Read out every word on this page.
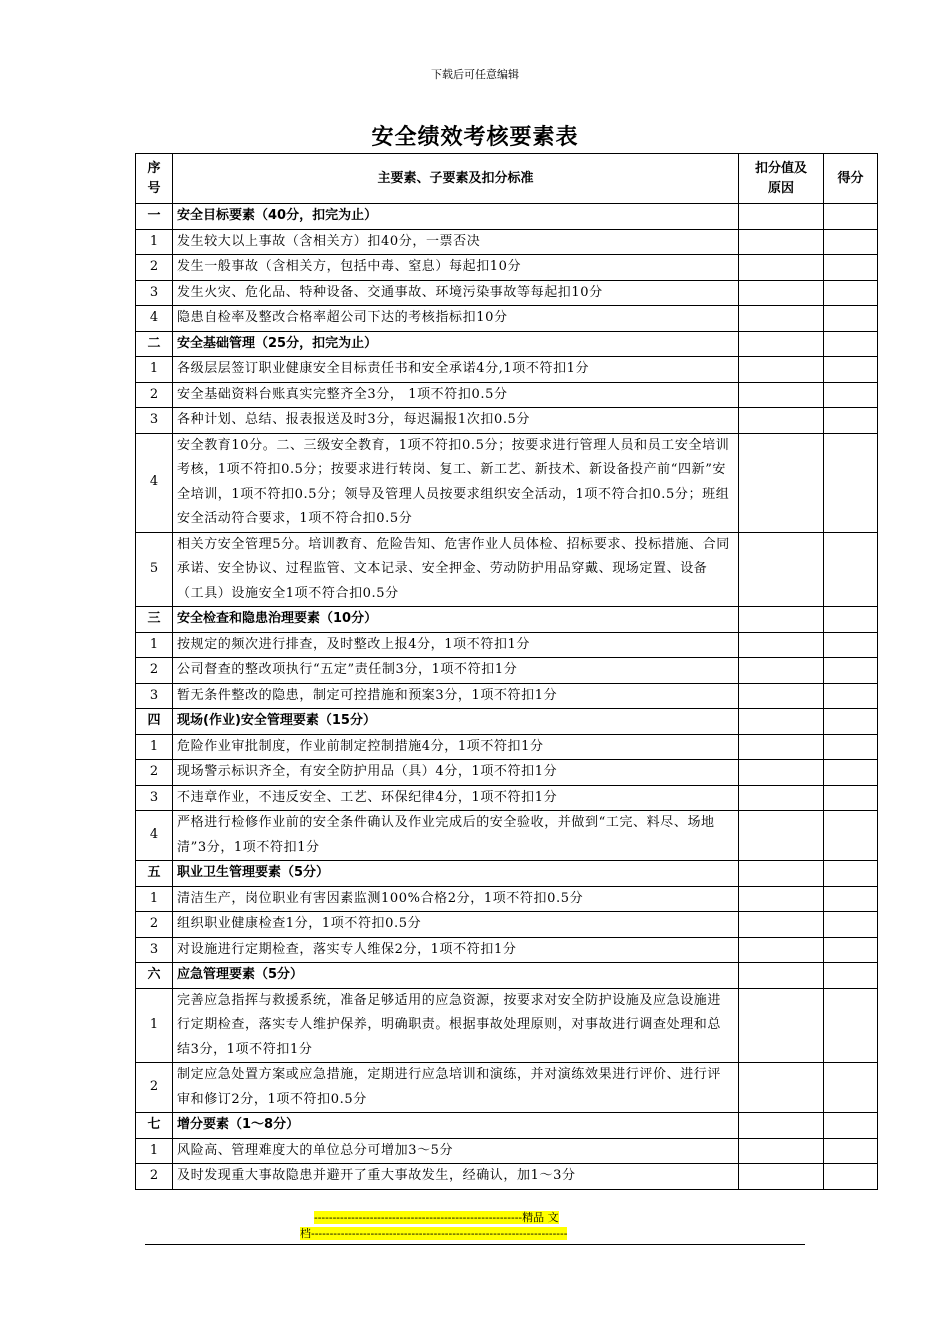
下载后可任意编辑
安全绩效考核要素表
序号	主要素、子要素及扣分标准	扣分值及原因	得分
一	安全目标要素（40分，扣完为止）		
1	发生较大以上事故（含相关方）扣40分，一票否决		
2	发生一般事故（含相关方，包括中毒、窒息）每起扣10分		
3	发生火灾、危化品、特种设备、交通事故、环境污染事故等每起扣10分		
4	隐患自检率及整改合格率超公司下达的考核指标扣10分		
二	安全基础管理（25分，扣完为止）		
1	各级层层签订职业健康安全目标责任书和安全承诺4分,1项不符扣1分		
2	安全基础资料台账真实完整齐全3分， 1项不符扣0.5分		
3	各种计划、总结、报表报送及时3分，每迟漏报1次扣0.5分		
4	安全教育10分。二、三级安全教育，1项不符扣0.5分；按要求进行管理人员和员工安全培训考核，1项不符扣0.5分；按要求进行转岗、复工、新工艺、新技术、新设备投产前“四新”安全培训，1项不符扣0.5分；领导及管理人员按要求组织安全活动，1项不符合扣0.5分；班组安全活动符合要求，1项不符合扣0.5分		
5	相关方安全管理5分。培训教育、危险告知、危害作业人员体检、招标要求、投标措施、合同承诺、安全协议、过程监管、文本记录、安全押金、劳动防护用品穿戴、现场定置、设备（工具）设施安全1项不符合扣0.5分		
三	安全检查和隐患治理要素（10分）		
1	按规定的频次进行排查，及时整改上报4分，1项不符扣1分		
2	公司督查的整改项执行“五定”责任制3分，1项不符扣1分		
3	暂无条件整改的隐患，制定可控措施和预案3分，1项不符扣1分		
四	现场(作业)安全管理要素（15分）		
1	危险作业审批制度，作业前制定控制措施4分，1项不符扣1分		
2	现场警示标识齐全，有安全防护用品（具）4分，1项不符扣1分		
3	不违章作业，不违反安全、工艺、环保纪律4分，1项不符扣1分		
4	严格进行检修作业前的安全条件确认及作业完成后的安全验收，并做到“工完、料尽、场地清”3分，1项不符扣1分		
五	职业卫生管理要素（5分）		
1	清洁生产，岗位职业有害因素监测100%合格2分，1项不符扣0.5分		
2	组织职业健康检查1分，1项不符扣0.5分		
3	对设施进行定期检查，落实专人维保2分，1项不符扣1分		
六	应急管理要素（5分）		
1	完善应急指挥与救援系统，准备足够适用的应急资源，按要求对安全防护设施及应急设施进行定期检查，落实专人维护保养，明确职责。根据事故处理原则，对事故进行调查处理和总结3分，1项不符扣1分		
2	制定应急处置方案或应急措施，定期进行应急培训和演练，并对演练效果进行评价、进行评审和修订2分，1项不符扣0.5分		
七	增分要素（1～8分）		
1	风险高、管理难度大的单位总分可增加3～5分		
2	及时发现重大事故隐患并避开了重大事故发生，经确认，加1～3分		
--------------------------------------------------------精品 文
档---------------------------------------------------------------------
